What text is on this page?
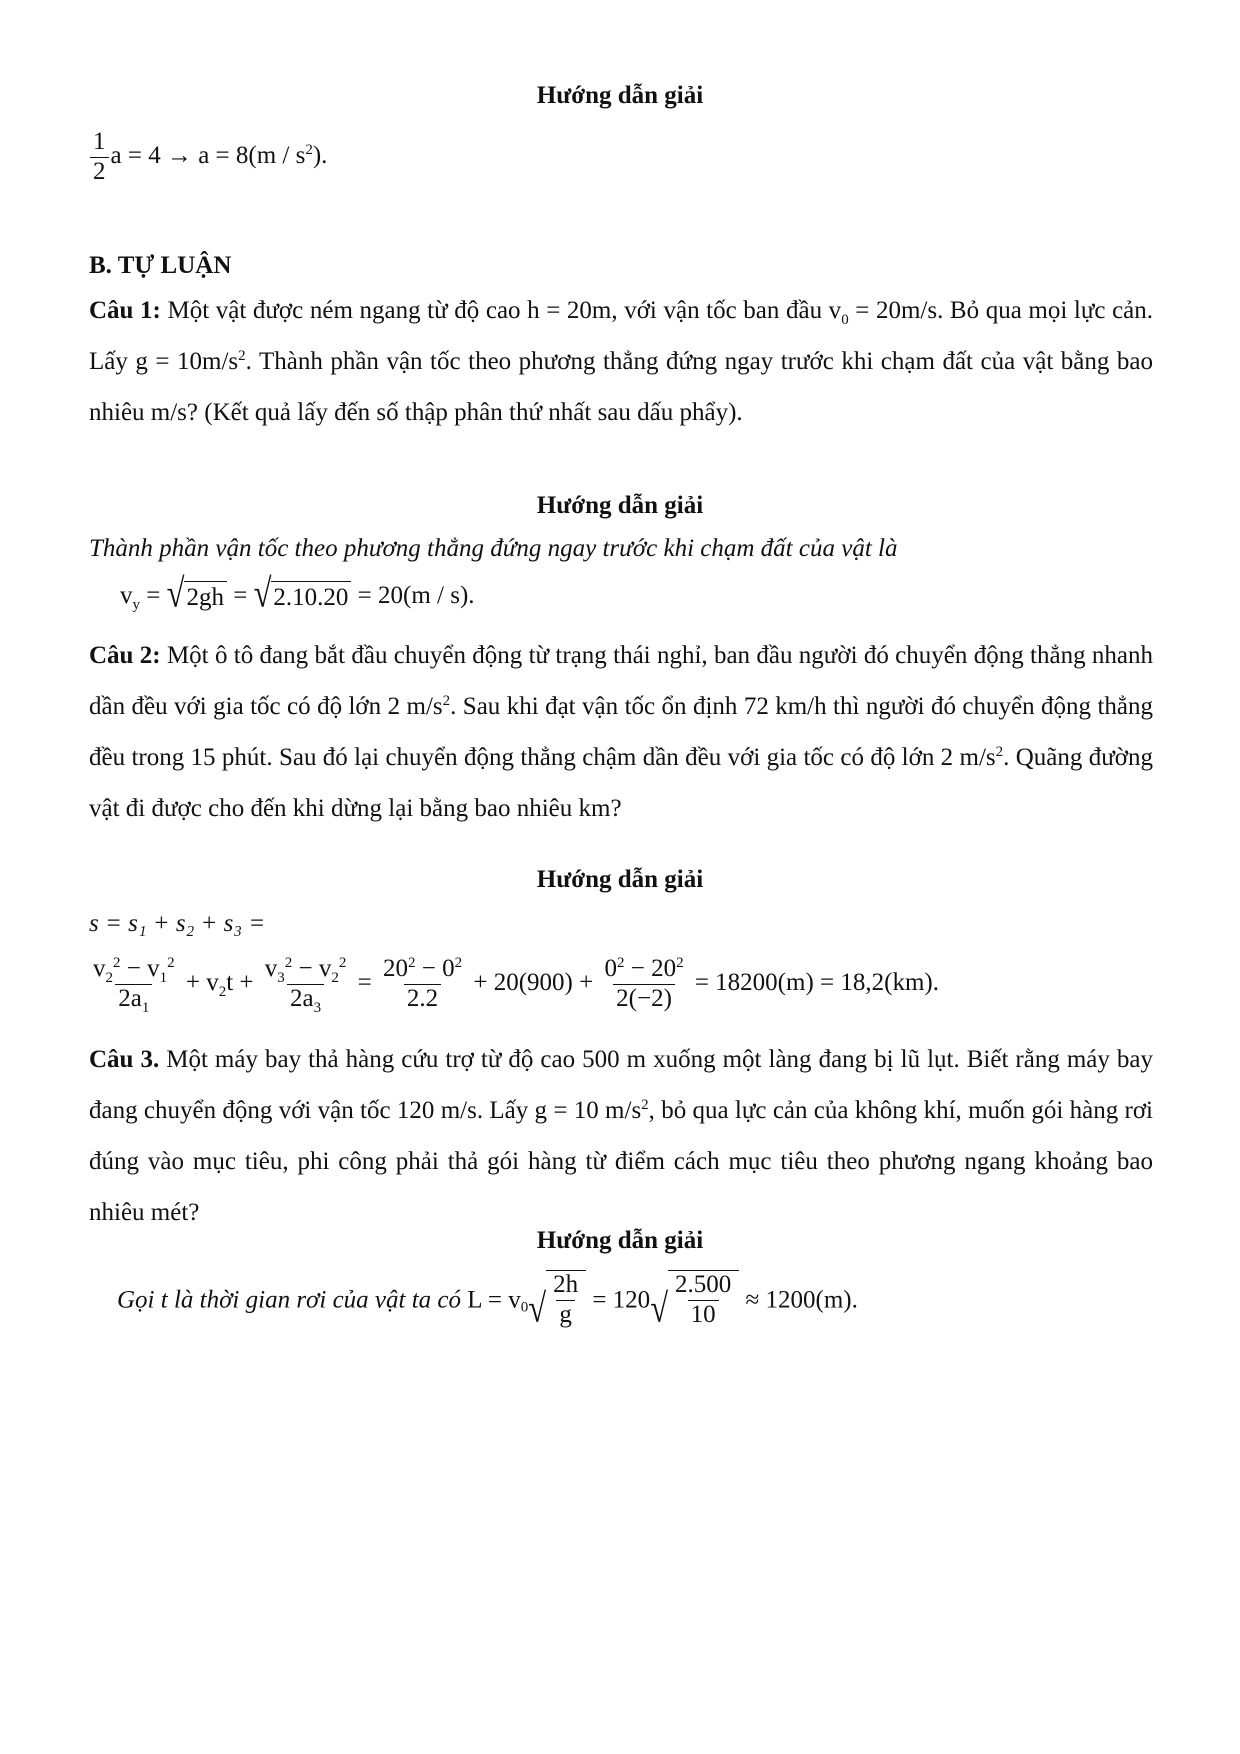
Hướng dẫn giải
$\frac{1}{2}$ $a = 4 \to a = 8(m / s^2)$.
B. TỰ LUẬN
Câu 1: Một vật được ném ngang từ độ cao h = 20m, với vận tốc ban đầu $v_0 = 20m/s$. Bỏ qua mọi lực cản. Lấy $g = 10m/s^2$. Thành phần vận tốc theo phương thẳng đứng ngay trước khi chạm đất của vật bằng bao nhiêu m/s? (Kết quả lấy đến số thập phân thứ nhất sau dấu phẩy).
Hướng dẫn giải
Thành phần vận tốc theo phương thẳng đứng ngay trước khi chạm đất của vật là
$v_y$ = √ 2gh = √ 2.10.20 = 20(m / s).
Câu 2: Một ô tô đang bắt đầu chuyển động từ trạng thái nghỉ, ban đầu người đó chuyển động thẳng nhanh dần đều với gia tốc có độ lớn 2 $m/s^2$. Sau khi đạt vận tốc ổn định 72 km/h thì người đó chuyển động thẳng đều trong 15 phút. Sau đó lại chuyển động thẳng chậm dần đều với gia tốc có độ lớn 2 $m/s^2$. Quãng đường vật đi được cho đến khi dừng lại bằng bao nhiêu km?
Hướng dẫn giải
s = s₁ + s₂ + s₃ =
$\frac{v_2^2 - v_1^2}{2a_1} + v_2t + \frac{v_3^2 - v_2^2}{2a_3} = \frac{20^2 - 0^2}{2.2} + 20(900) + \frac{0^2 - 20^2}{2(-2)} = 18200(m) = 18,2(km)$.
Câu 3. Một máy bay thả hàng cứu trợ từ độ cao 500 m xuống một làng đang bị lũ lụt. Biết rằng máy bay đang chuyển động với vận tốc 120 m/s. Lấy g = 10 $m/s^2$, bỏ qua lực cản của không khí, muốn gói hàng rơi đúng vào mục tiêu, phi công phải thả gói hàng từ điểm cách mục tiêu theo phương ngang khoảng bao nhiêu mét?
Hướng dẫn giải
Gọi t là thời gian rơi của vật ta có $L = v_0$ √ $\frac{2h}{g} = 120$ √ $\frac{2.500}{10} \approx 1200(m)$.
